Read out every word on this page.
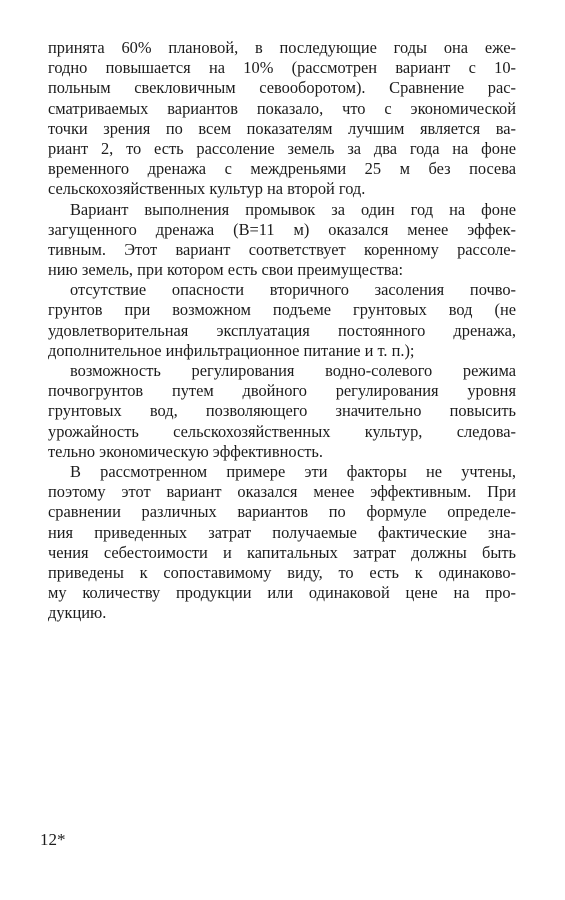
принята 60% плановой, в последующие годы она еже-
годно повышается на 10% (рассмотрен вариант с 10-
польным свекловичным севооборотом). Сравнение рас-
сматриваемых вариантов показало, что с экономической
точки зрения по всем показателям лучшим является ва-
риант 2, то есть рассоление земель за два года на фоне
временного дренажа с междреньями 25 м без посева
сельскохозяйственных культур на второй год.
Вариант выполнения промывок за один год на фоне
загущенного дренажа (В=11 м) оказался менее эффек-
тивным. Этот вариант соответствует коренному рассоле-
нию земель, при котором есть свои преимущества:
отсутствие опасности вторичного засоления почво-
грунтов при возможном подъеме грунтовых вод (не
удовлетворительная эксплуатация постоянного дренажа,
дополнительное инфильтрационное питание и т. п.);
возможность регулирования водно-солевого режима
почвогрунтов путем двойного регулирования уровня
грунтовых вод, позволяющего значительно повысить
урожайность сельскохозяйственных культур, следова-
тельно экономическую эффективность.
В рассмотренном примере эти факторы не учтены,
поэтому этот вариант оказался менее эффективным. При
сравнении различных вариантов по формуле определе-
ния приведенных затрат получаемые фактические зна-
чения себестоимости и капитальных затрат должны быть
приведены к сопоставимому виду, то есть к одинаково-
му количеству продукции или одинаковой цене на про-
дукцию.
12*
